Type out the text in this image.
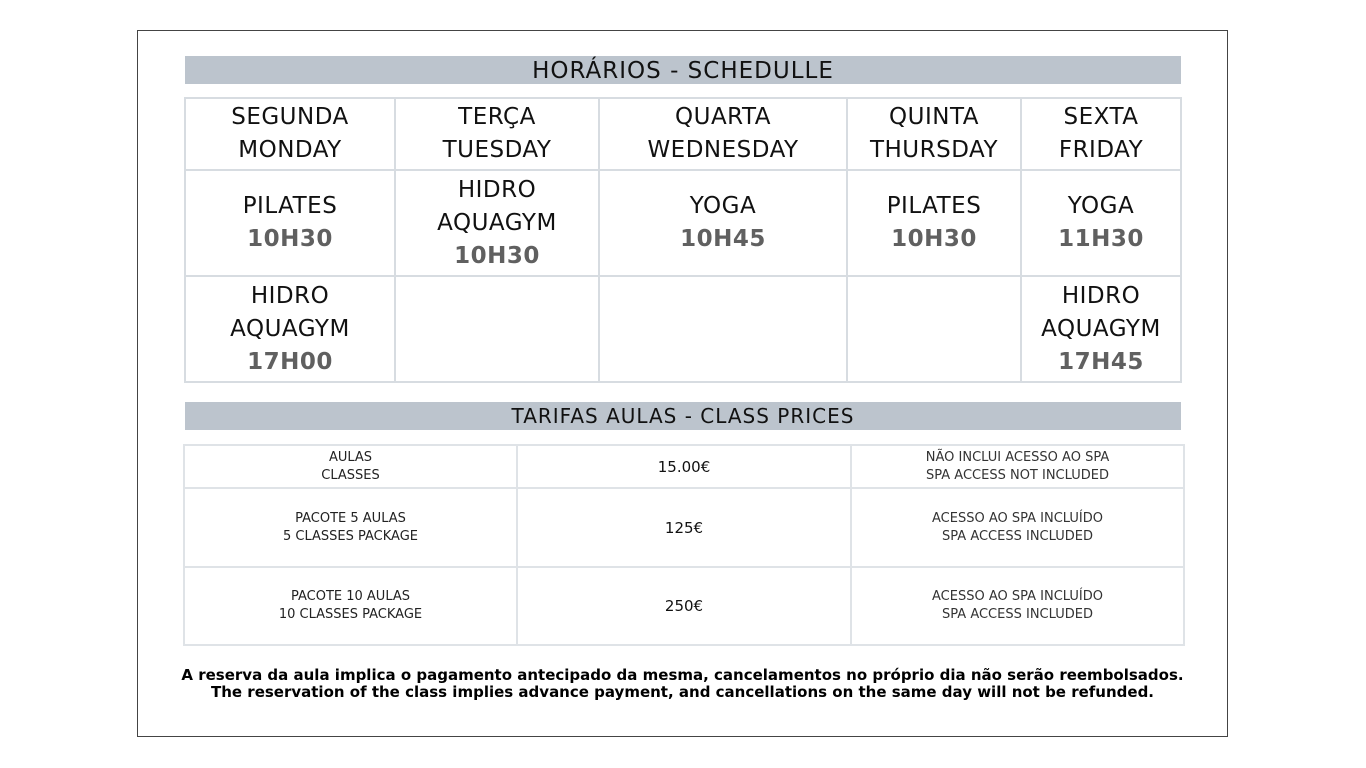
HORÁRIOS - SCHEDULLE
SEGUNDA
MONDAY	TERÇA
TUESDAY	QUARTA
WEDNESDAY	QUINTA
THURSDAY	SEXTA
FRIDAY

PILATES
10H30	HIDRO
AQUAGYM
10H30	YOGA
10H45	PILATES
10H30	YOGA
11H30

HIDRO
AQUAGYM
17H00				HIDRO
AQUAGYM
17H45
TARIFAS AULAS - CLASS PRICES
AULAS
CLASSES	15.00€	NÃO INCLUI ACESSO AO SPA
SPA ACCESS NOT INCLUDED

PACOTE 5 AULAS
5 CLASSES PACKAGE	125€	ACESSO AO SPA INCLUÍDO
SPA ACCESS INCLUDED

PACOTE 10 AULAS
10 CLASSES PACKAGE	250€	ACESSO AO SPA INCLUÍDO
SPA ACCESS INCLUDED
A reserva da aula implica o pagamento antecipado da mesma, cancelamentos no próprio dia não serão reembolsados.
The reservation of the class implies advance payment, and cancellations on the same day will not be refunded.
